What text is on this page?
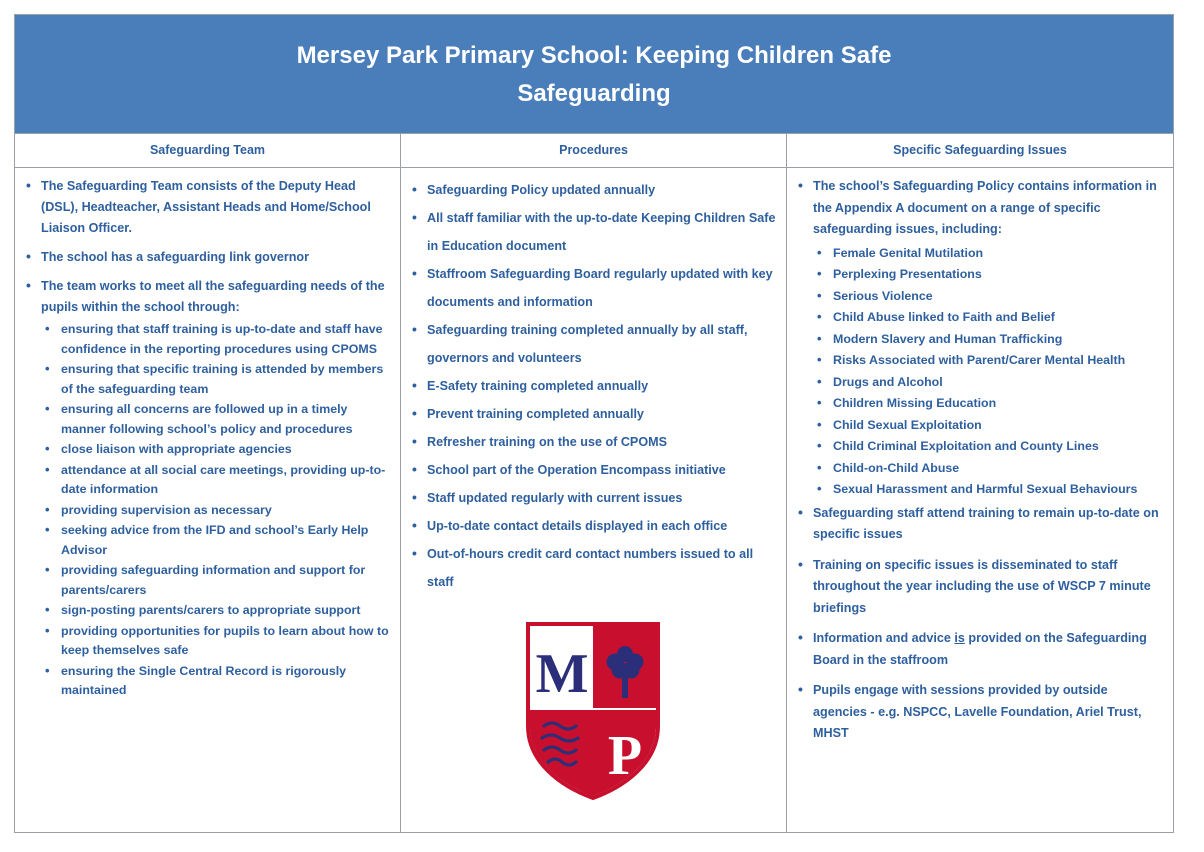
Mersey Park Primary School: Keeping Children Safe
Safeguarding
Safeguarding Team
• The Safeguarding Team consists of the Deputy Head (DSL), Headteacher, Assistant Heads and Home/School Liaison Officer.
• The school has a safeguarding link governor
• The team works to meet all the safeguarding needs of the pupils within the school through:
• ensuring that staff training is up-to-date and staff have confidence in the reporting procedures using CPOMS
• ensuring that specific training is attended by members of the safeguarding team
• ensuring all concerns are followed up in a timely manner following school’s policy and procedures
• close liaison with appropriate agencies
• attendance at all social care meetings, providing up-to-date information
• providing supervision as necessary
• seeking advice from the IFD and school’s Early Help Advisor
• providing safeguarding information and support for parents/carers
• sign-posting parents/carers to appropriate support
• providing opportunities for pupils to learn about how to keep themselves safe
• ensuring the Single Central Record is rigorously maintained
Procedures
• Safeguarding Policy updated annually
• All staff familiar with the up-to-date Keeping Children Safe in Education document
• Staffroom Safeguarding Board regularly updated with key documents and information
• Safeguarding training completed annually by all staff, governors and volunteers
• E-Safety training completed annually
• Prevent training completed annually
• Refresher training on the use of CPOMS
• School part of the Operation Encompass initiative
• Staff updated regularly with current issues
• Up-to-date contact details displayed in each office
• Out-of-hours credit card contact numbers issued to all staff
M
P
Specific Safeguarding Issues
• The school’s Safeguarding Policy contains information in the Appendix A document on a range of specific safeguarding issues, including:
• Female Genital Mutilation
• Perplexing Presentations
• Serious Violence
• Child Abuse linked to Faith and Belief
• Modern Slavery and Human Trafficking
• Risks Associated with Parent/Carer Mental Health
• Drugs and Alcohol
• Children Missing Education
• Child Sexual Exploitation
• Child Criminal Exploitation and County Lines
• Child-on-Child Abuse
• Sexual Harassment and Harmful Sexual Behaviours
• Safeguarding staff attend training to remain up-to-date on specific issues
• Training on specific issues is disseminated to staff throughout the year including the use of WSCP 7 minute briefings
• Information and advice is provided on the Safeguarding Board in the staffroom
• Pupils engage with sessions provided by outside agencies - e.g. NSPCC, Lavelle Foundation, Ariel Trust, MHST
